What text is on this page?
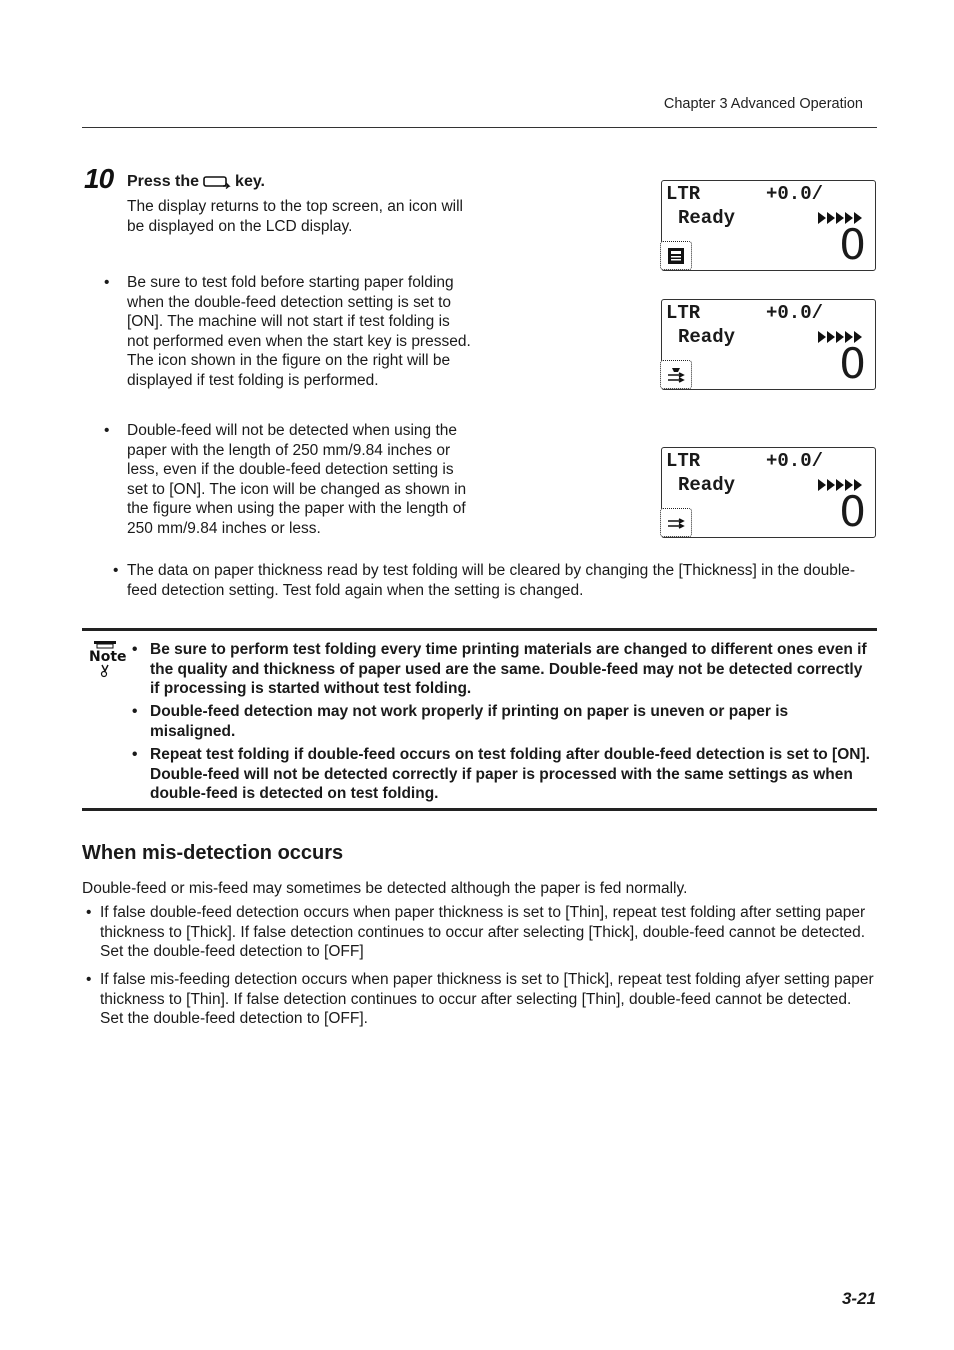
Chapter 3 Advanced Operation
10 Press the key.
The display returns to the top screen, an icon will be displayed on the LCD display.
• Be sure to test fold before starting paper folding when the double-feed detection setting is set to [ON]. The machine will not start if test folding is not performed even when the start key is pressed. The icon shown in the figure on the right will be displayed if test folding is performed.
• Double-feed will not be detected when using the paper with the length of 250 mm/9.84 inches or less, even if the double-feed detection setting is set to [ON]. The icon will be changed as shown in the figure when using the paper with the length of 250 mm/9.84 inches or less.
• The data on paper thickness read by test folding will be cleared by changing the [Thickness] in the double-feed detection setting. Test fold again when the setting is changed.
LTR	+0.0/
Ready
0
LTR	+0.0/
Ready
0
LTR	+0.0/
Ready
0
Note • Be sure to perform test folding every time printing materials are changed to different ones even if the quality and thickness of paper used are the same. Double-feed may not be detected correctly if processing is started without test folding.
• Double-feed detection may not work properly if printing on paper is uneven or paper is misaligned.
• Repeat test folding if double-feed occurs on test folding after double-feed detection is set to [ON]. Double-feed will not be detected correctly if paper is processed with the same settings as when double-feed is detected on test folding.
When mis-detection occurs
Double-feed or mis-feed may sometimes be detected although the paper is fed normally.
• If false double-feed detection occurs when paper thickness is set to [Thin], repeat test folding after setting paper thickness to [Thick]. If false detection continues to occur after selecting [Thick], double-feed cannot be detected. Set the double-feed detection to [OFF]
• If false mis-feeding detection occurs when paper thickness is set to [Thick], repeat test folding afyer setting paper thickness to [Thin]. If false detection continues to occur after selecting [Thin], double-feed cannot be detected. Set the double-feed detection to [OFF].
3-21
